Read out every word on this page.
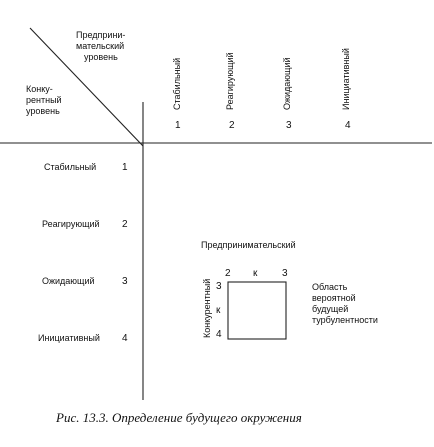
Предприни-
мательский
уровень
Конку-
рентный
уровень
Стабильный	Реагирующий	Ожидающий	Инициативный
1	2	3	4
Стабильный	1
Реагирующий 2
Ожидающий	3
Инициативный 4
Предпринимательский
Конкурентный
2 к 3
3
к
4
Область
вероятной
будущей
турбулентности
Рис. 13.3. Определение будущего окружения
